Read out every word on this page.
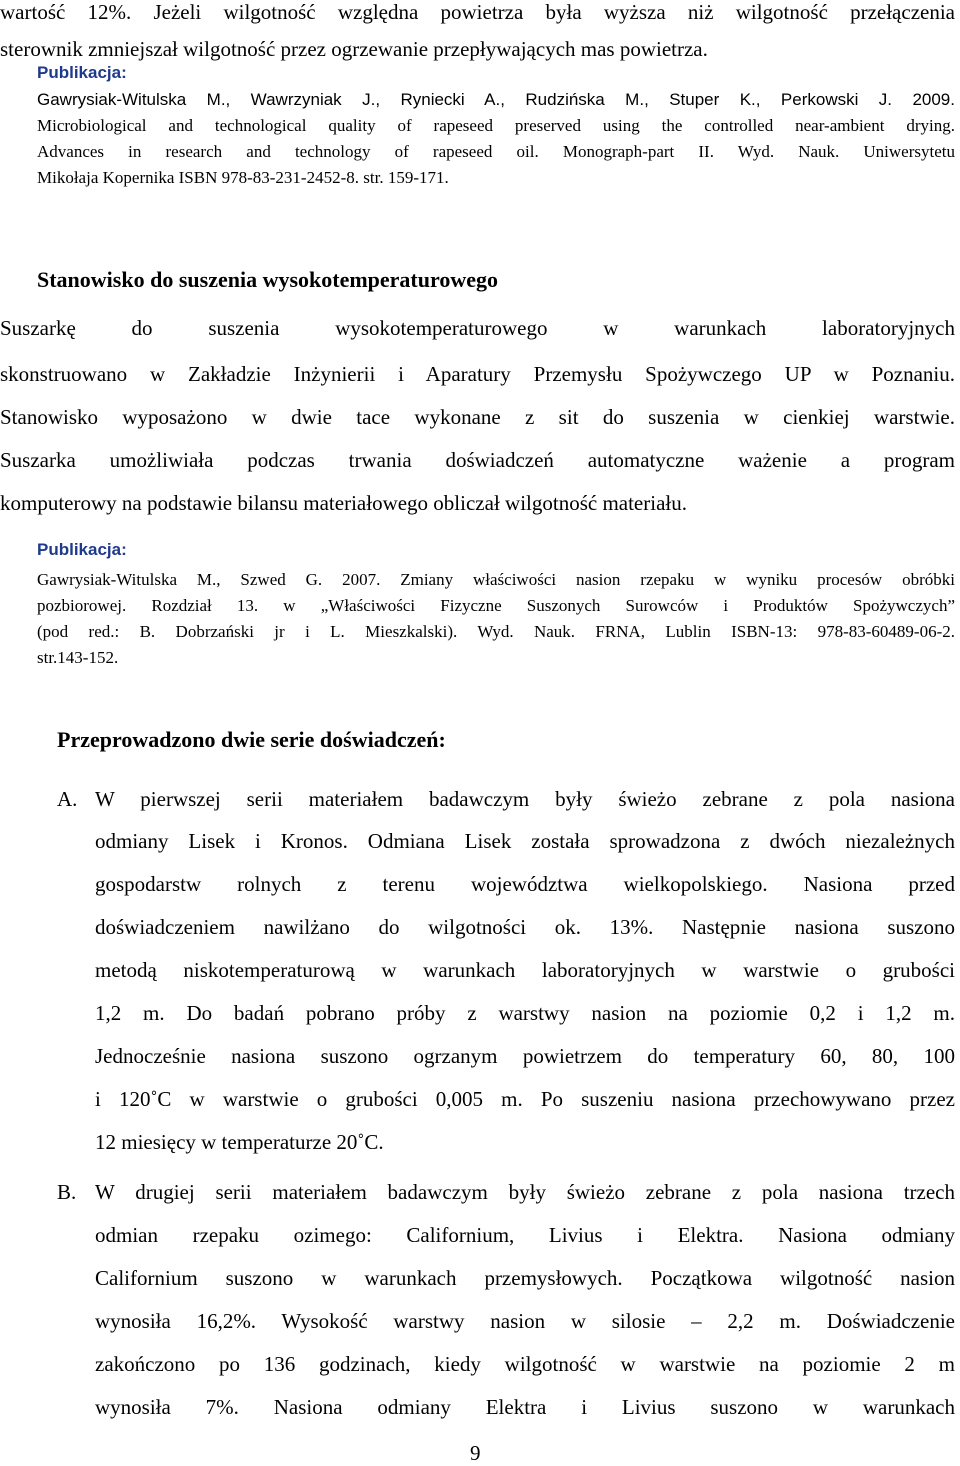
wartość 12%. Jeżeli wilgotność względna powietrza była wyższa niż wilgotność przełączenia
sterownik zmniejszał wilgotność przez ogrzewanie przepływających mas powietrza.
Publikacja:
Gawrysiak-Witulska M., Wawrzyniak J., Ryniecki A., Rudzińska M., Stuper K., Perkowski J. 2009.
Microbiological and technological quality of rapeseed preserved using the controlled near-ambient drying.
Advances in research and technology of rapeseed oil. Monograph-part II. Wyd. Nauk. Uniwersytetu
Mikołaja Kopernika ISBN 978-83-231-2452-8. str. 159-171.
Stanowisko do suszenia wysokotemperaturowego
Suszarkę do suszenia wysokotemperaturowego w warunkach laboratoryjnych
skonstruowano w Zakładzie Inżynierii i Aparatury Przemysłu Spożywczego UP w Poznaniu.
Stanowisko wyposażono w dwie tace wykonane z sit do suszenia w cienkiej warstwie.
Suszarka umożliwiała podczas trwania doświadczeń automatyczne ważenie a program
komputerowy na podstawie bilansu materiałowego obliczał wilgotność materiału.
Publikacja:
Gawrysiak-Witulska M., Szwed G. 2007. Zmiany właściwości nasion rzepaku w wyniku procesów obróbki
pozbiorowej. Rozdział 13. w „Właściwości Fizyczne Suszonych Surowców i Produktów Spożywczych”
(pod red.: B. Dobrzański jr i L. Mieszkalski). Wyd. Nauk. FRNA, Lublin ISBN-13: 978-83-60489-06-2.
str.143-152.
Przeprowadzono dwie serie doświadczeń:
A. W pierwszej serii materiałem badawczym były świeżo zebrane z pola nasiona
odmiany Lisek i Kronos. Odmiana Lisek została sprowadzona z dwóch niezależnych
gospodarstw rolnych z terenu województwa wielkopolskiego. Nasiona przed
doświadczeniem nawilżano do wilgotności ok. 13%. Następnie nasiona suszono
metodą niskotemperaturową w warunkach laboratoryjnych w warstwie o grubości
1,2 m. Do badań pobrano próby z warstwy nasion na poziomie 0,2 i 1,2 m.
Jednocześnie nasiona suszono ogrzanym powietrzem do temperatury 60, 80, 100
i 120˚C w warstwie o grubości 0,005 m. Po suszeniu nasiona przechowywano przez
12 miesięcy w temperaturze 20˚C.
B. W drugiej serii materiałem badawczym były świeżo zebrane z pola nasiona trzech
odmian rzepaku ozimego: Californium, Livius i Elektra. Nasiona odmiany
Californium suszono w warunkach przemysłowych. Początkowa wilgotność nasion
wynosiła 16,2%. Wysokość warstwy nasion w silosie – 2,2 m. Doświadczenie
zakończono po 136 godzinach, kiedy wilgotność w warstwie na poziomie 2 m
wynosiła 7%. Nasiona odmiany Elektra i Livius suszono w warunkach
9
